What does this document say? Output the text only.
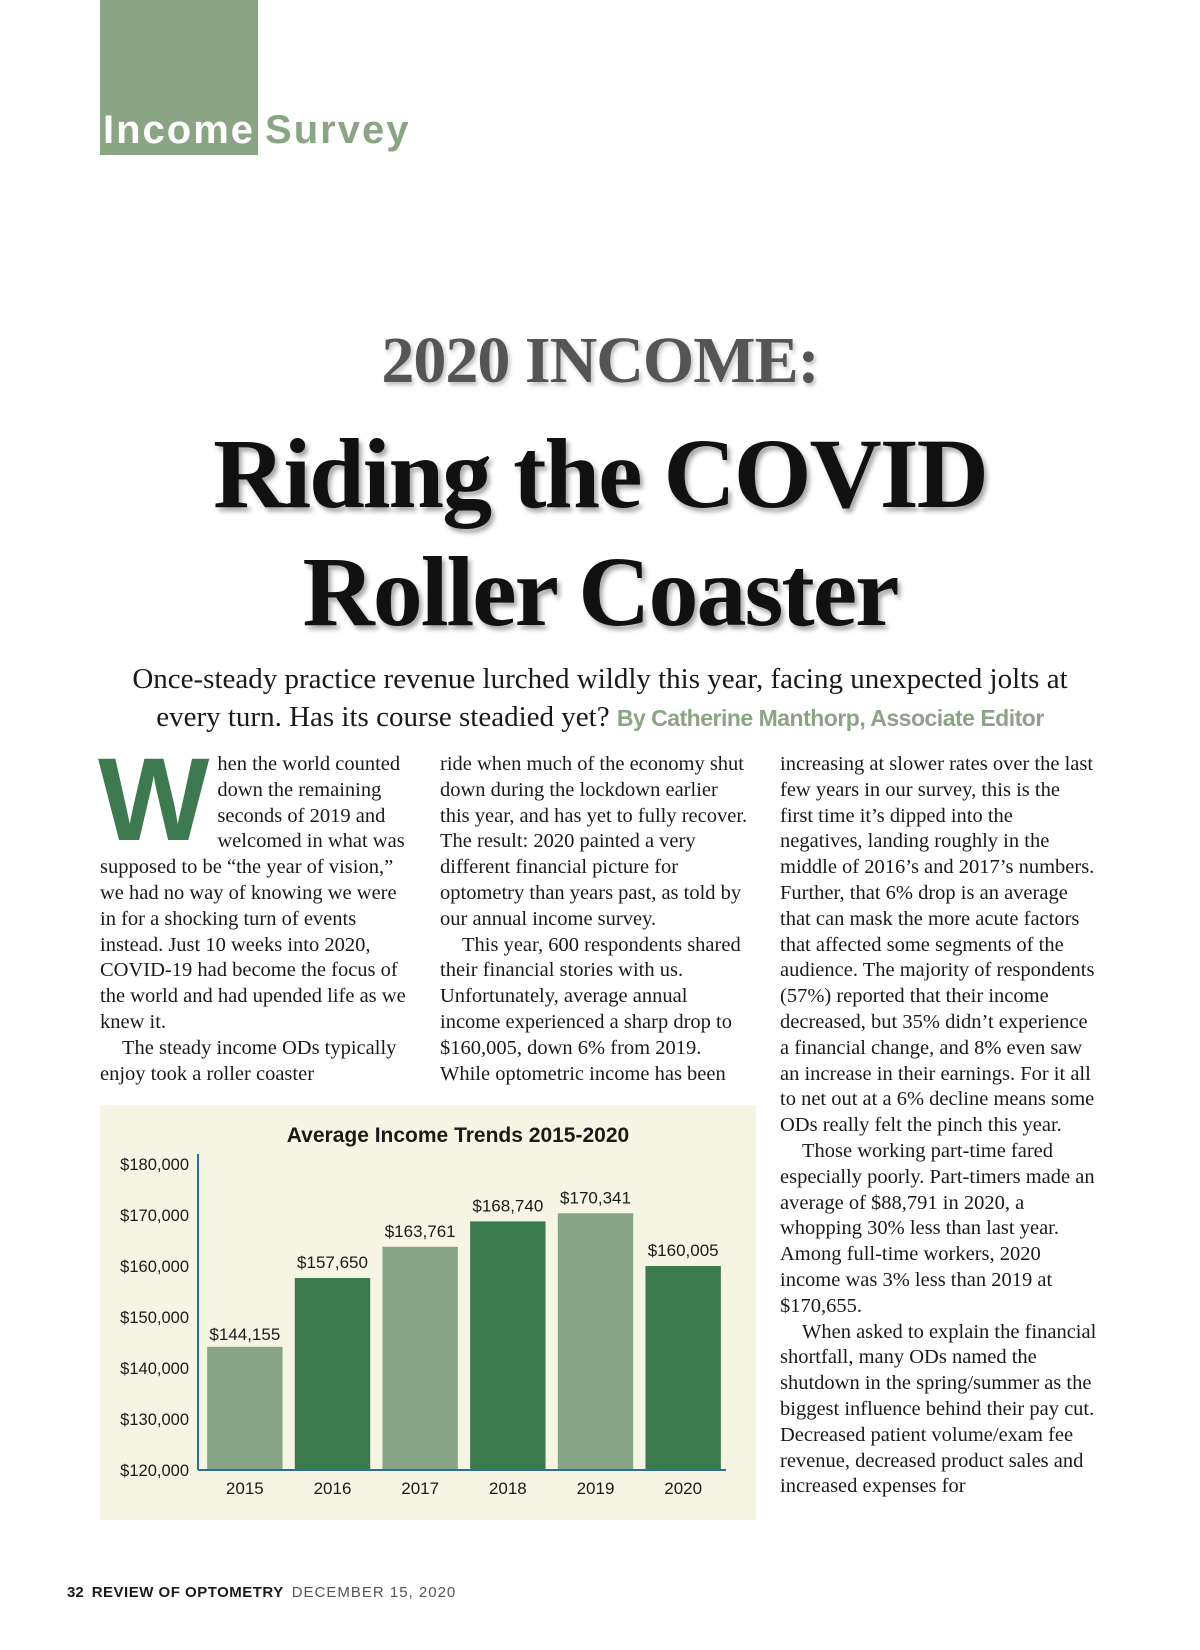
Income Survey
2020 INCOME:
Riding the COVID
Roller Coaster
Once-steady practice revenue lurched wildly this year, facing unexpected jolts at every turn. Has its course steadied yet? By Catherine Manthorp, Associate Editor
W hen the world counted down the remaining seconds of 2019 and welcomed in what was supposed to be “the year of vision,” we had no way of knowing we were in for a shocking turn of events instead. Just 10 weeks into 2020, COVID-19 had become the focus of the world and had upended life as we knew it.

The steady income ODs typically enjoy took a roller coaster

ride when much of the economy shut down during the lockdown earlier this year, and has yet to fully recover. The result: 2020 painted a very different financial picture for optometry than years past, as told by our annual income survey.

This year, 600 respondents shared their financial stories with us. Unfortunately, average annual income experienced a sharp drop to $160,005, down 6% from 2019. While optometric income has been

increasing at slower rates over the last few years in our survey, this is the first time it’s dipped into the negatives, landing roughly in the middle of 2016’s and 2017’s numbers. Further, that 6% drop is an average that can mask the more acute factors that affected some segments of the audience. The majority of respondents (57%) reported that their income decreased, but 35% didn’t experience a financial change, and 8% even saw an increase in their earnings. For it all to net out at a 6% decline means some ODs really felt the pinch this year.

Those working part-time fared especially poorly. Part-timers made an average of $88,791 in 2020, a whopping 30% less than last year. Among full-time workers, 2020 income was 3% less than 2019 at $170,655.

When asked to explain the financial shortfall, many ODs named the shutdown in the spring/summer as the biggest influence behind their pay cut. Decreased patient volume/exam fee revenue, decreased product sales and increased expenses for

Average Income Trends 2015-2020
$180,000
$170,000
$160,000
$150,000
$140,000
$130,000
$120,000
$144,155
2015
$157,650
2016
$163,761
2017
$168,740
2018
$170,341
2019
$160,005
2020
32 REVIEW OF OPTOMETRY DECEMBER 15, 2020
